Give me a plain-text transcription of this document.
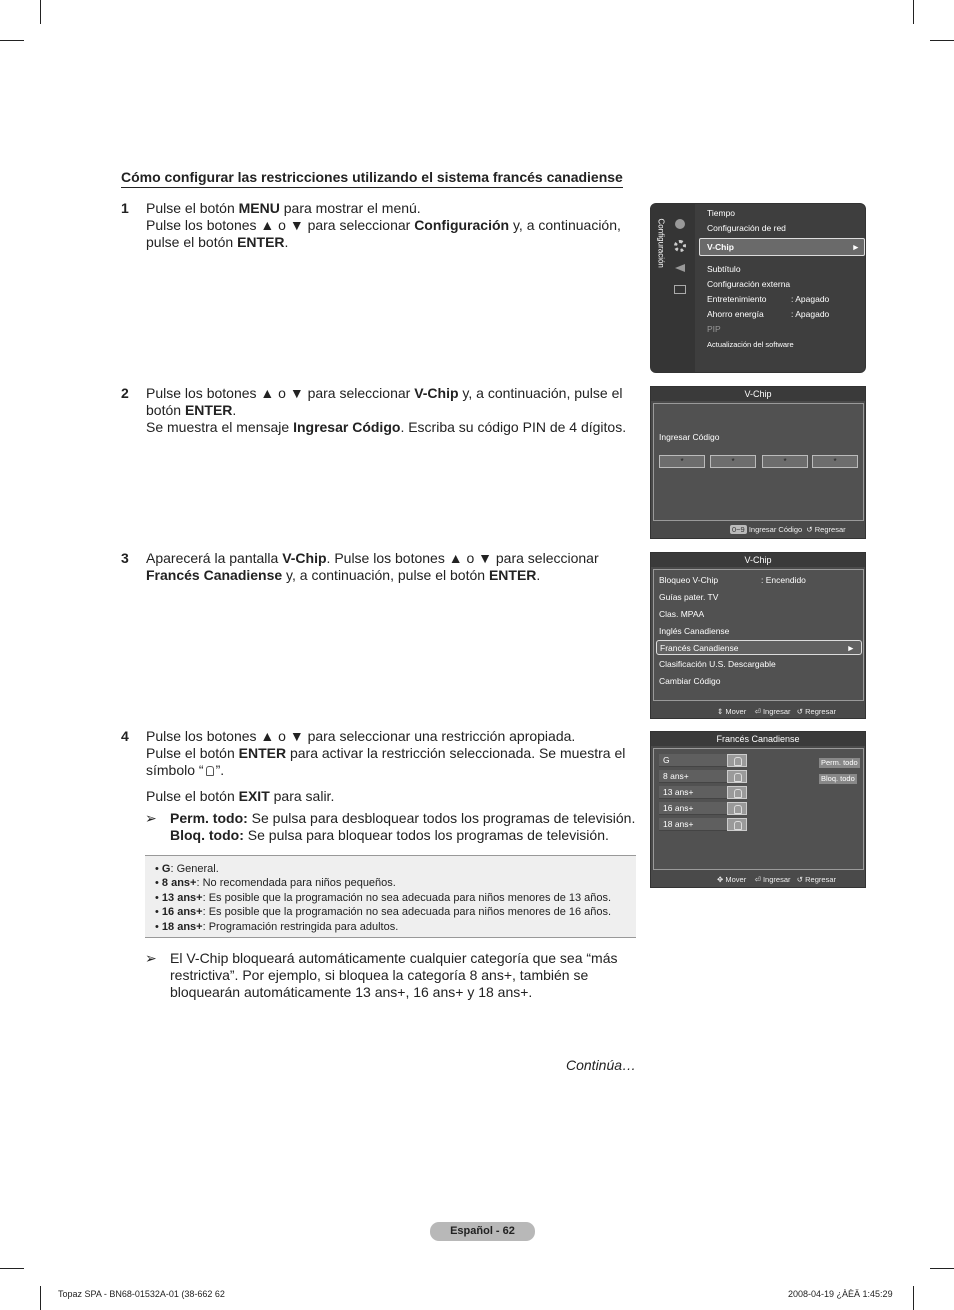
Cómo configurar las restricciones utilizando el sistema francés canadiense
1 Pulse el botón MENU para mostrar el menú.

Pulse los botones ▲ o ▼ para seleccionar Configuración y, a continuación, pulse el botón ENTER.

2 Pulse los botones ▲ o ▼ para seleccionar V-Chip y, a continuación, pulse el botón ENTER.

Se muestra el mensaje Ingresar Código. Escriba su código PIN de 4 dígitos.

3 Aparecerá la pantalla V-Chip. Pulse los botones ▲ o ▼ para seleccionar Francés Canadiense y, a continuación, pulse el botón ENTER.

4 Pulse los botones ▲ o ▼ para seleccionar una restricción apropiada.

Pulse el botón ENTER para activar la restricción seleccionada. Se muestra el símbolo “ ”.

Pulse el botón EXIT para salir.

➢ Perm. todo: Se pulsa para desbloquear todos los programas de televisión.

Bloq. todo: Se pulsa para bloquear todos los programas de televisión.

• G: General.
• 8 ans+: No recomendada para niños pequeños.
• 13 ans+: Es posible que la programación no sea adecuada para niños menores de 13 años.
• 16 ans+: Es posible que la programación no sea adecuada para niños menores de 16 años.
• 18 ans+: Programación restringida para adultos.
➢ El V-Chip bloqueará automáticamente cualquier categoría que sea “más restrictiva”. Por ejemplo, si bloquea la categoría 8 ans+, también se bloquearán automáticamente 13 ans+, 16 ans+ y 18 ans+.
Continúa…
Configuración
Tiempo
Configuración de red
V-Chip	►
Subtítulo
Configuración externa
Entretenimiento	: Apagado
Ahorro energía	: Apagado
PIP
Actualización del software
V-Chip
Ingresar Código
*	*	*	*
0~9 Ingresar Código ↺ Regresar
V-Chip
Bloqueo V-Chip	: Encendido
Guías pater. TV
Clas. MPAA
Inglés Canadiense
Francés Canadiense	►
Clasificación U.S. Descargable
Cambiar Código
⇕ Mover ⏎ Ingresar ↺ Regresar
Francés Canadiense
G
8 ans+
13 ans+
16 ans+
18 ans+
Perm. todo
Bloq. todo
✥ Mover ⏎ Ingresar ↺ Regresar
Español - 62
Topaz SPA - BN68-01532A-01 (38-662 62	2008-04-19 ¿ÀÈÄ 1:45:29
